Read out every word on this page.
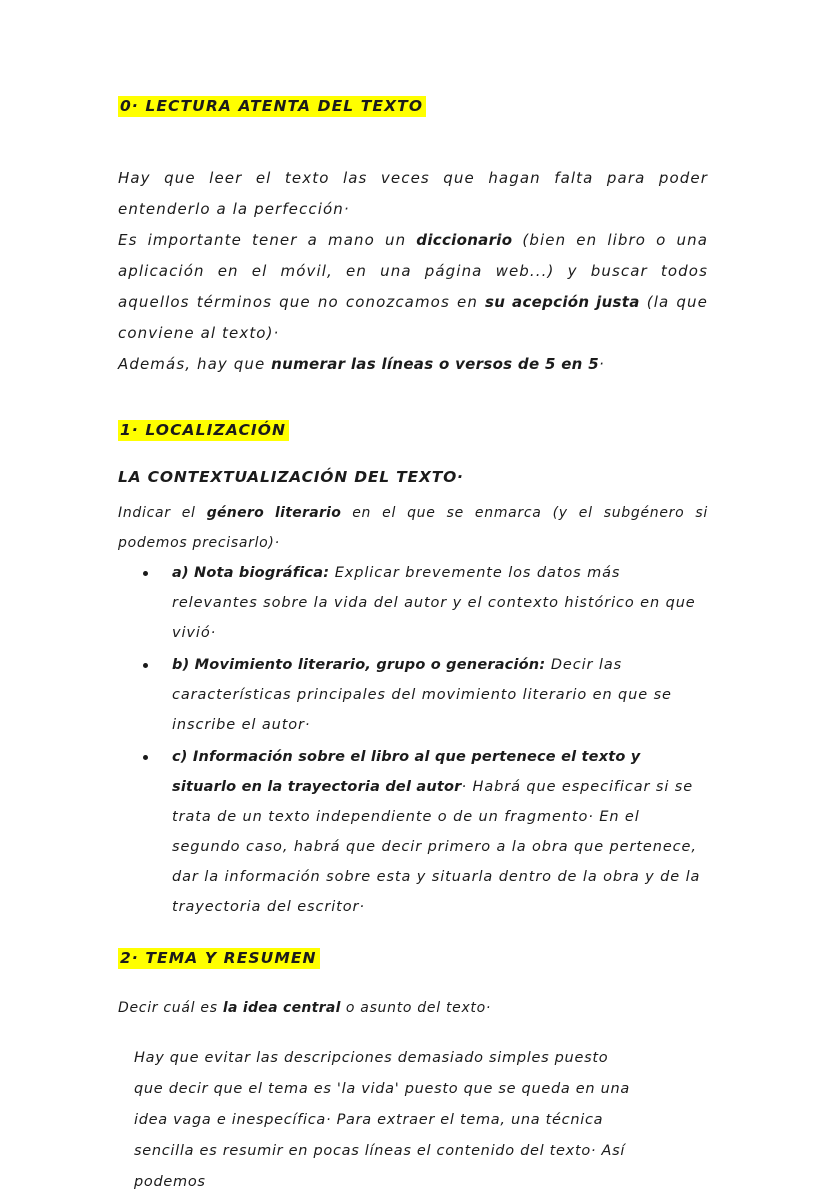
0· LECTURA ATENTA DEL TEXTO

Hay que leer el texto las veces que hagan falta para poder entenderlo a la perfección·

Es importante tener a mano un diccionario (bien en libro o una aplicación en el móvil, en una página web...) y buscar todos aquellos términos que no conozcamos en su acepción justa (la que conviene al texto)·

Además, hay que numerar las líneas o versos de 5 en 5·

1· LOCALIZACIÓN
LA CONTEXTUALIZACIÓN DEL TEXTO·

Indicar el género literario en el que se enmarca (y el subgénero si podemos precisarlo)·

a) Nota biográfica: Explicar brevemente los datos más relevantes sobre la vida del autor y el contexto histórico en que vivió·
b) Movimiento literario, grupo o generación: Decir las características principales del movimiento literario en que se inscribe el autor·
c) Información sobre el libro al que pertenece el texto y situarlo en la trayectoria del autor· Habrá que especificar si se trata de un texto independiente o de un fragmento· En el segundo caso, habrá que decir primero a la obra que pertenece, dar la información sobre esta y situarla dentro de la obra y de la trayectoria del escritor·
2· TEMA Y RESUMEN

Decir cuál es la idea central o asunto del texto·

Hay que evitar las descripciones demasiado simples puesto que decir que el tema es 'la vida' puesto que se queda en una idea vaga e inespecífica· Para extraer el tema, una técnica sencilla es resumir en pocas líneas el contenido del texto· Así podemos
